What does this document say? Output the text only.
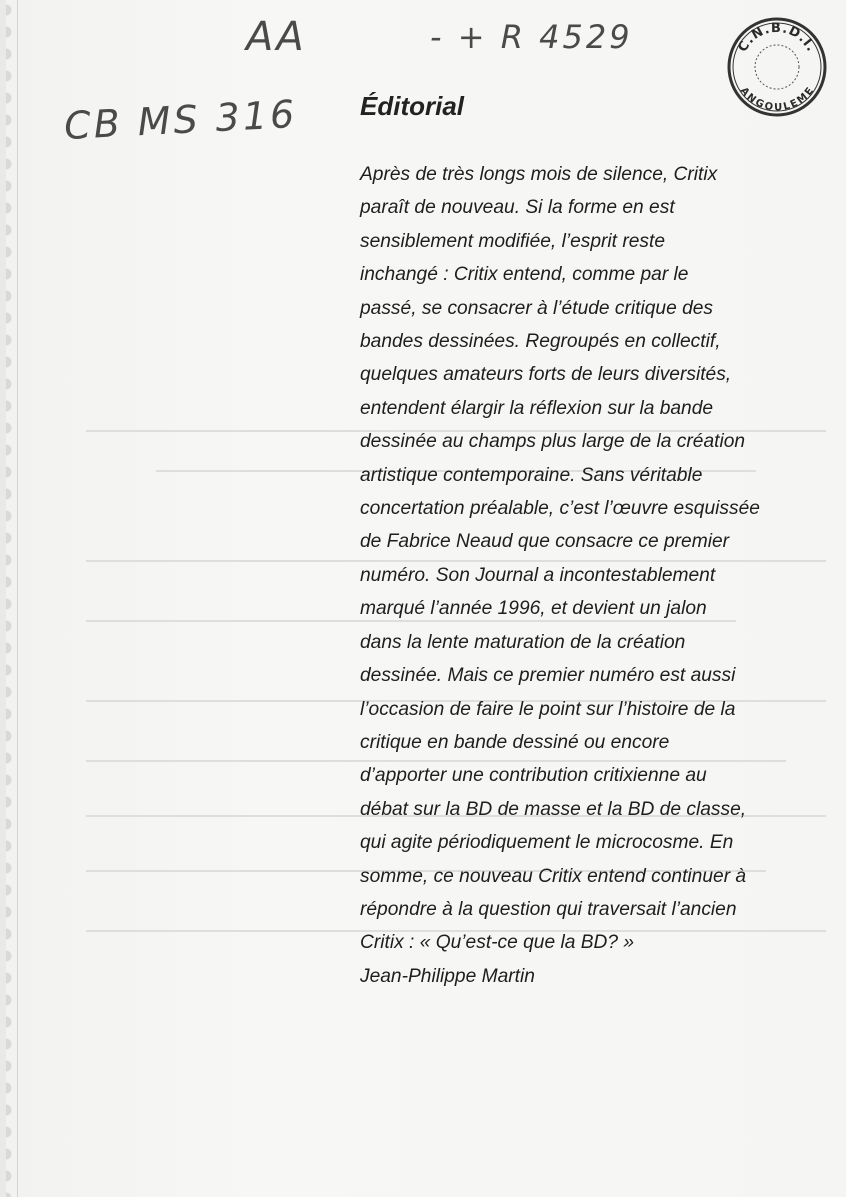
AA	- + R 4529
CB MS 316
C.N.B.D.I.
ANGOULEME
Éditorial
Après de très longs mois de silence, Critix
paraît de nouveau. Si la forme en est
sensiblement modifiée, l’esprit reste
inchangé : Critix entend, comme par le
passé, se consacrer à l’étude critique des
bandes dessinées. Regroupés en collectif,
quelques amateurs forts de leurs diversités,
entendent élargir la réflexion sur la bande
dessinée au champs plus large de la création
artistique contemporaine. Sans véritable
concertation préalable, c’est l’œuvre esquissée
de Fabrice Neaud que consacre ce premier
numéro. Son Journal a incontestablement
marqué l’année 1996, et devient un jalon
dans la lente maturation de la création
dessinée. Mais ce premier numéro est aussi
l’occasion de faire le point sur l’histoire de la
critique en bande dessiné ou encore
d’apporter une contribution critixienne au
débat sur la BD de masse et la BD de classe,
qui agite périodiquement le microcosme. En
somme, ce nouveau Critix entend continuer à
répondre à la question qui traversait l’ancien
Critix : « Qu’est-ce que la BD? »
Jean-Philippe Martin
